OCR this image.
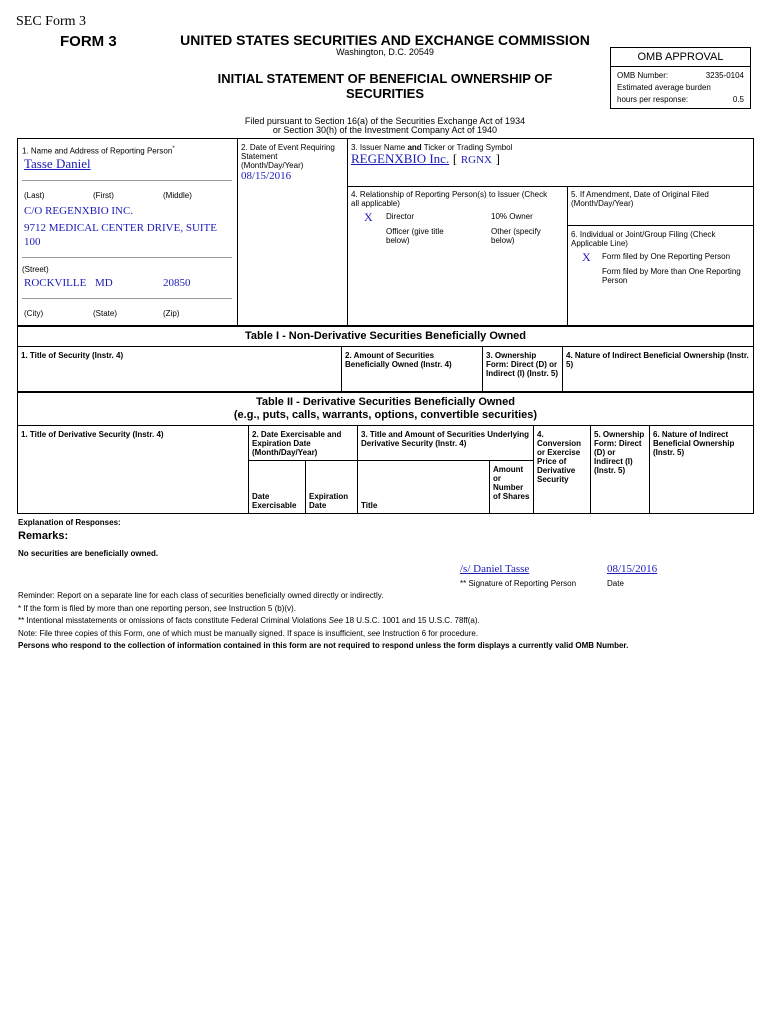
SEC Form 3
FORM 3	UNITED STATES SECURITIES AND EXCHANGE COMMISSION
Washington, D.C. 20549
INITIAL STATEMENT OF BENEFICIAL OWNERSHIP OF
SECURITIES
Filed pursuant to Section 16(a) of the Securities Exchange Act of 1934
or Section 30(h) of the Investment Company Act of 1940
OMB APPROVAL
OMB Number:	3235-0104
Estimated average burden
hours per response:	0.5
1. Name and Address of Reporting Person*
Tasse Daniel
(Last)	(First)	(Middle)
C/O REGENXBIO INC.
9712 MEDICAL CENTER DRIVE, SUITE 100
(Street)
ROCKVILLE MD	20850
(City)	(State)	(Zip)
2. Date of Event Requiring Statement (Month/Day/Year)
08/15/2016
3. Issuer Name and Ticker or Trading Symbol
REGENXBIO Inc. [ RGNX ]
4. Relationship of Reporting Person(s) to Issuer (Check all applicable)
X Director	10% Owner
Officer (give title below)
Other (specify below)
5. If Amendment, Date of Original Filed (Month/Day/Year)
6. Individual or Joint/Group Filing (Check Applicable Line)
X Form filed by One Reporting Person
Form filed by More than One Reporting Person
Table I - Non-Derivative Securities Beneficially Owned
1. Title of Security (Instr. 4)	2. Amount of Securities Beneficially Owned (Instr. 4)
3. Ownership Form: Direct (D) or Indirect (I) (Instr. 5)
4. Nature of Indirect Beneficial Ownership (Instr. 5)
Table II - Derivative Securities Beneficially Owned
(e.g., puts, calls, warrants, options, convertible securities)
1. Title of Derivative Security (Instr. 4)	2. Date Exercisable and Expiration Date (Month/Day/Year)
3. Title and Amount of Securities Underlying Derivative Security (Instr. 4)
4. Conversion or Exercise Price of Derivative Security
5. Ownership Form: Direct (D) or Indirect (I) (Instr. 5)
6. Nature of Indirect Beneficial Ownership (Instr. 5)
Date Exercisable
Expiration Date	Title
Amount or Number of Shares
Explanation of Responses:
Remarks:
No securities are beneficially owned.
/s/ Daniel Tasse	08/15/2016
** Signature of Reporting Person	Date
Reminder: Report on a separate line for each class of securities beneficially owned directly or indirectly.
* If the form is filed by more than one reporting person, see Instruction 5 (b)(v).
** Intentional misstatements or omissions of facts constitute Federal Criminal Violations See 18 U.S.C. 1001 and 15 U.S.C. 78ff(a).
Note: File three copies of this Form, one of which must be manually signed. If space is insufficient, see Instruction 6 for procedure.
Persons who respond to the collection of information contained in this form are not required to respond unless the form displays a currently valid OMB Number.
